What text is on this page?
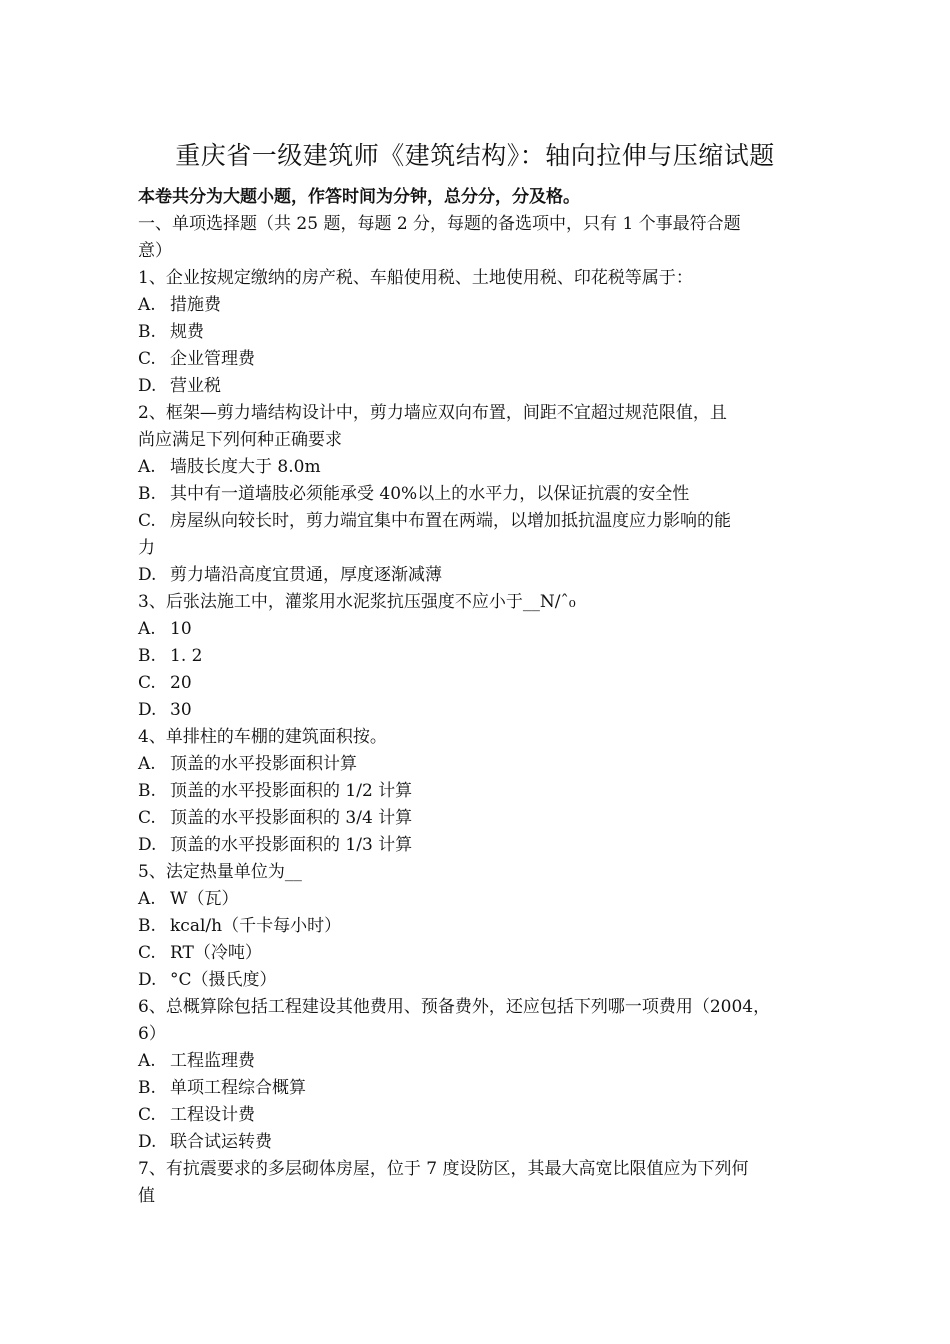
重庆省一级建筑师《建筑结构》：轴向拉伸与压缩试题

本卷共分为大题小题，作答时间为分钟，总分分，分及格。

一、单项选择题（共 25 题，每题 2 分，每题的备选项中，只有 1 个事最符合题

意）

1、企业按规定缴纳的房产税、车船使用税、土地使用税、印花税等属于：

A. 措施费

B. 规费

C. 企业管理费

D. 营业税

2、框架—剪力墙结构设计中，剪力墙应双向布置，间距不宜超过规范限值，且

尚应满足下列何种正确要求

A. 墙肢长度大于 8.0m

B. 其中有一道墙肢必须能承受 40%以上的水平力，以保证抗震的安全性

C. 房屋纵向较长时，剪力端宜集中布置在两端，以增加抵抗温度应力影响的能

力

D. 剪力墙沿高度宜贯通，厚度逐渐减薄

3、后张法施工中，灌浆用水泥浆抗压强度不应小于__N/ˆ₀

A. 10

B. 1. 2

C. 20

D. 30

4、单排柱的车棚的建筑面积按。

A. 顶盖的水平投影面积计算

B. 顶盖的水平投影面积的 1/2 计算

C. 顶盖的水平投影面积的 3/4 计算

D. 顶盖的水平投影面积的 1/3 计算

5、法定热量单位为__

A. W（瓦）

B. kcal/h（千卡每小时）

C. RT（冷吨）

D. °C（摄氏度）

6、总概算除包括工程建设其他费用、预备费外，还应包括下列哪一项费用（2004，

6）

A. 工程监理费

B. 单项工程综合概算

C. 工程设计费

D. 联合试运转费

7、有抗震要求的多层砌体房屋，位于 7 度设防区，其最大高宽比限值应为下列何

值
